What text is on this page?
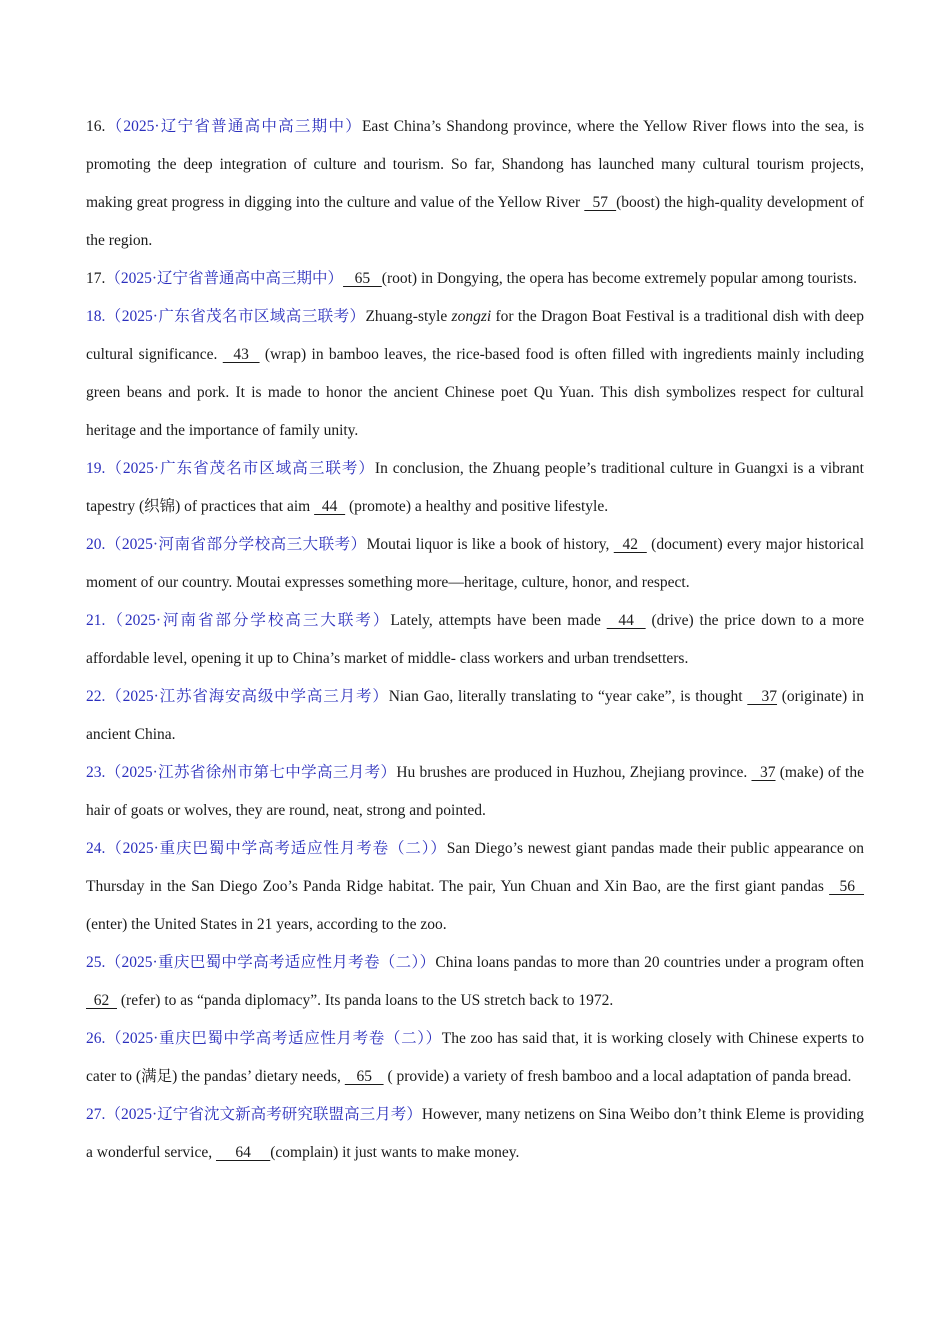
16.（2025·辽宁省普通高中高三期中）East China’s Shandong province, where the Yellow River flows into the sea, is promoting the deep integration of culture and tourism. So far, Shandong has launched many cultural tourism projects, making great progress in digging into the culture and value of the Yellow River   57  (boost) the high-quality development of the region.

17.（2025·辽宁省普通高中高三期中）   65   (root) in Dongying, the opera has become extremely popular among tourists.

18.（2025·广东省茂名市区域高三联考）Zhuang-style zongzi for the Dragon Boat Festival is a traditional dish with deep cultural significance.   43   (wrap) in bamboo leaves, the rice-based food is often filled with ingredients mainly including green beans and pork. It is made to honor the ancient Chinese poet Qu Yuan. This dish symbolizes respect for cultural heritage and the importance of family unity.

19.（2025·广东省茂名市区域高三联考）In conclusion, the Zhuang people’s traditional culture in Guangxi is a vibrant tapestry (织锦) of practices that aim   44   (promote) a healthy and positive lifestyle.

20.（2025·河南省部分学校高三大联考）Moutai liquor is like a book of history,   42   (document) every major historical moment of our country. Moutai expresses something more—heritage, culture, honor, and respect.

21.（2025·河南省部分学校高三大联考）Lately, attempts have been made   44   (drive) the price down to a more affordable level, opening it up to China’s market of middle- class workers and urban trendsetters.

22.（2025·江苏省海安高级中学高三月考）Nian Gao, literally translating to “year cake”, is thought    37 (originate) in ancient China.

23.（2025·江苏省徐州市第七中学高三月考）Hu brushes are produced in Huzhou, Zhejiang province.   37 (make) of the hair of goats or wolves, they are round, neat, strong and pointed.

24.（2025·重庆巴蜀中学高考适应性月考卷（二））San Diego’s newest giant pandas made their public appearance on Thursday in the San Diego Zoo’s Panda Ridge habitat. The pair, Yun Chuan and Xin Bao, are the first giant pandas   56   (enter) the United States in 21 years, according to the zoo.

25.（2025·重庆巴蜀中学高考适应性月考卷（二））China loans pandas to more than 20 countries under a program often   62   (refer) to as “panda diplomacy”. Its panda loans to the US stretch back to 1972.

26.（2025·重庆巴蜀中学高考适应性月考卷（二））The zoo has said that, it is working closely with Chinese experts to cater to (满足) the pandas’ dietary needs,    65    ( provide) a variety of fresh bamboo and a local adaptation of panda bread.

27.（2025·辽宁省沈文新高考研究联盟高三月考）However, many netizens on Sina Weibo don’t think Eleme is providing a wonderful service,      64     (complain) it just wants to make money.
